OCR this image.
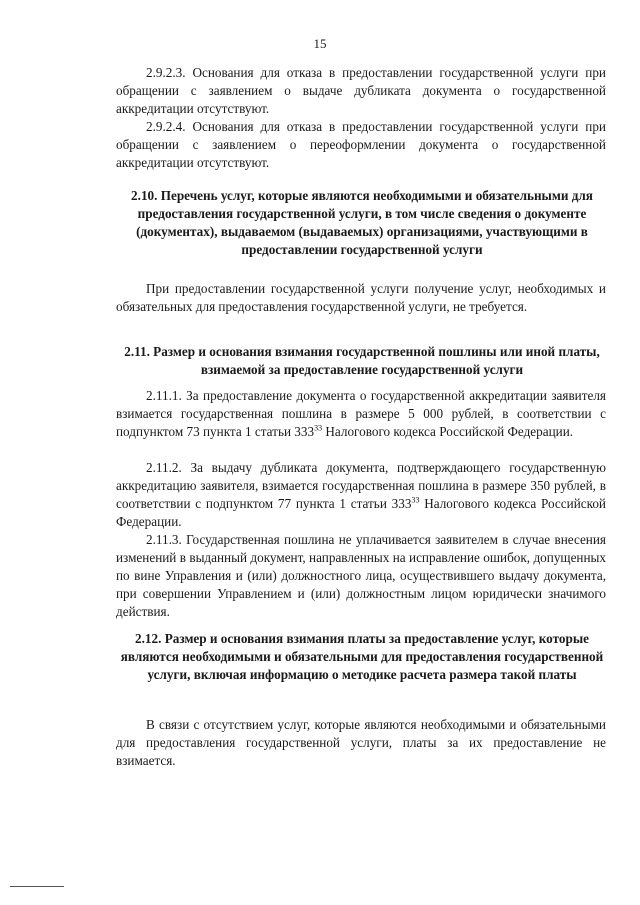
15
2.9.2.3. Основания для отказа в предоставлении государственной услуги при обращении с заявлением о выдаче дубликата документа о государственной аккредитации отсутствуют.
2.9.2.4. Основания для отказа в предоставлении государственной услуги при обращении с заявлением о переоформлении документа о государственной аккредитации отсутствуют.
2.10. Перечень услуг, которые являются необходимыми и обязательными для предоставления государственной услуги, в том числе сведения о документе (документах), выдаваемом (выдаваемых) организациями, участвующими в предоставлении государственной услуги
При предоставлении государственной услуги получение услуг, необходимых и обязательных для предоставления государственной услуги, не требуется.
2.11. Размер и основания взимания государственной пошлины или иной платы, взимаемой за предоставление государственной услуги
2.11.1. За предоставление документа о государственной аккредитации заявителя взимается государственная пошлина в размере 5 000 рублей, в соответствии с подпунктом 73 пункта 1 статьи $333^{33}$ Налогового кодекса Российской Федерации.
2.11.2. За выдачу дубликата документа, подтверждающего государственную аккредитацию заявителя, взимается государственная пошлина в размере 350 рублей, в соответствии с подпунктом 77 пункта 1 статьи $333^{33}$ Налогового кодекса Российской Федерации.
2.11.3. Государственная пошлина не уплачивается заявителем в случае внесения изменений в выданный документ, направленных на исправление ошибок, допущенных по вине Управления и (или) должностного лица, осуществившего выдачу документа, при совершении Управлением и (или) должностным лицом юридически значимого действия.
2.12. Размер и основания взимания платы за предоставление услуг, которые являются необходимыми и обязательными для предоставления государственной услуги, включая информацию о методике расчета размера такой платы
В связи с отсутствием услуг, которые являются необходимыми и обязательными для предоставления государственной услуги, платы за их предоставление не взимается.
